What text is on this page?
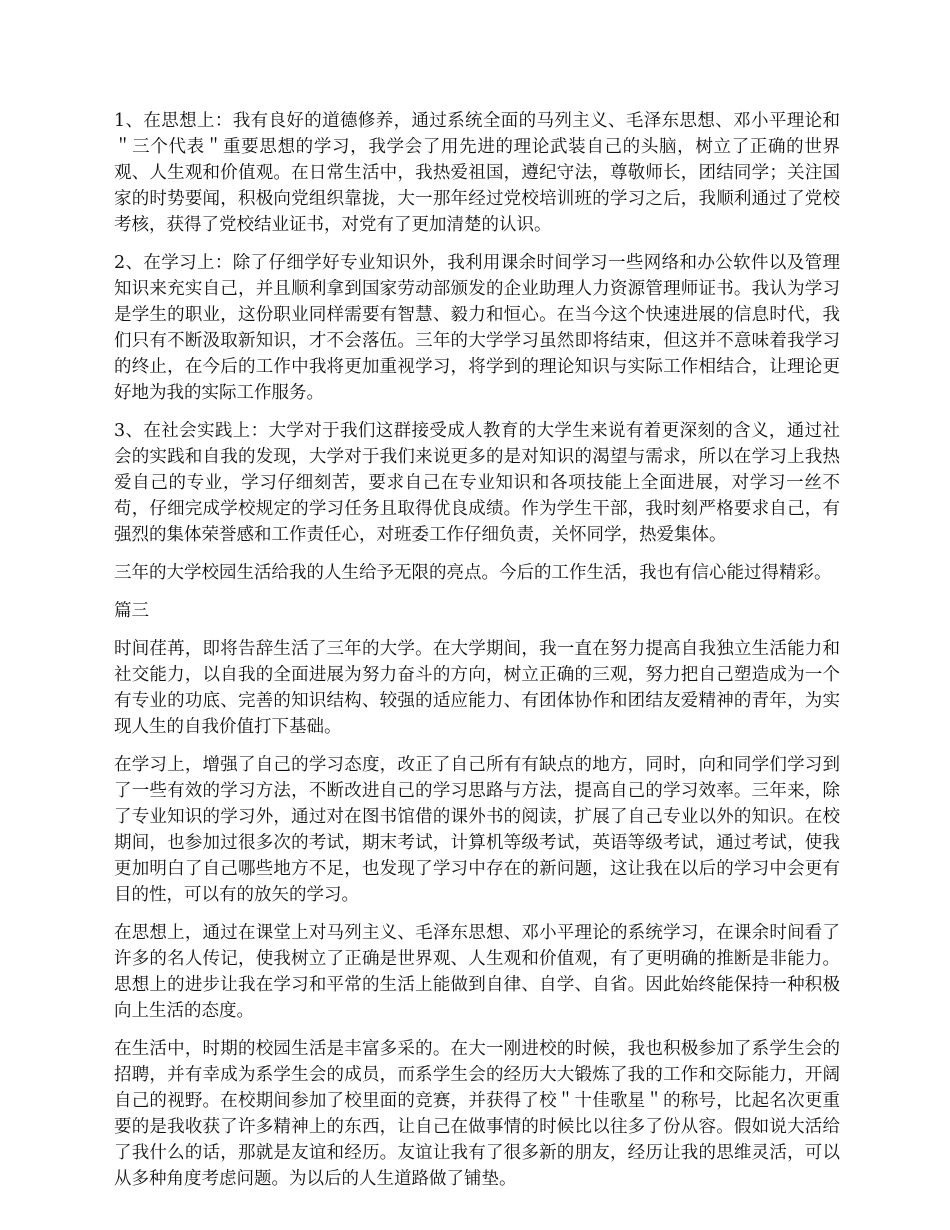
1、在思想上：我有良好的道德修养，通过系统全面的马列主义、毛泽东思想、邓小平理论和＂三个代表＂重要思想的学习，我学会了用先进的理论武装自己的头脑，树立了正确的世界观、人生观和价值观。在日常生活中，我热爱祖国，遵纪守法，尊敬师长，团结同学；关注国家的时势要闻，积极向党组织靠拢，大一那年经过党校培训班的学习之后，我顺利通过了党校考核，获得了党校结业证书，对党有了更加清楚的认识。

2、在学习上：除了仔细学好专业知识外，我利用课余时间学习一些网络和办公软件以及管理知识来充实自己，并且顺利拿到国家劳动部颁发的企业助理人力资源管理师证书。我认为学习是学生的职业，这份职业同样需要有智慧、毅力和恒心。在当今这个快速进展的信息时代，我们只有不断汲取新知识，才不会落伍。三年的大学学习虽然即将结束，但这并不意味着我学习的终止，在今后的工作中我将更加重视学习，将学到的理论知识与实际工作相结合，让理论更好地为我的实际工作服务。

3、在社会实践上：大学对于我们这群接受成人教育的大学生来说有着更深刻的含义，通过社会的实践和自我的发现，大学对于我们来说更多的是对知识的渴望与需求，所以在学习上我热爱自己的专业，学习仔细刻苦，要求自己在专业知识和各项技能上全面进展，对学习一丝不苟，仔细完成学校规定的学习任务且取得优良成绩。作为学生干部，我时刻严格要求自己，有强烈的集体荣誉感和工作责任心，对班委工作仔细负责，关怀同学，热爱集体。

三年的大学校园生活给我的人生给予无限的亮点。今后的工作生活，我也有信心能过得精彩。

篇三

时间荏苒，即将告辞生活了三年的大学。在大学期间，我一直在努力提高自我独立生活能力和社交能力，以自我的全面进展为努力奋斗的方向，树立正确的三观，努力把自己塑造成为一个有专业的功底、完善的知识结构、较强的适应能力、有团体协作和团结友爱精神的青年，为实现人生的自我价值打下基础。

在学习上，增强了自己的学习态度，改正了自己所有有缺点的地方，同时，向和同学们学习到了一些有效的学习方法，不断改进自己的学习思路与方法，提高自己的学习效率。三年来，除了专业知识的学习外，通过对在图书馆借的课外书的阅读，扩展了自己专业以外的知识。在校期间，也参加过很多次的考试，期末考试，计算机等级考试，英语等级考试，通过考试，使我更加明白了自己哪些地方不足，也发现了学习中存在的新问题，这让我在以后的学习中会更有目的性，可以有的放矢的学习。

在思想上，通过在课堂上对马列主义、毛泽东思想、邓小平理论的系统学习，在课余时间看了许多的名人传记，使我树立了正确是世界观、人生观和价值观，有了更明确的推断是非能力。思想上的进步让我在学习和平常的生活上能做到自律、自学、自省。因此始终能保持一种积极向上生活的态度。

在生活中，时期的校园生活是丰富多采的。在大一刚进校的时候，我也积极参加了系学生会的招聘，并有幸成为系学生会的成员，而系学生会的经历大大锻炼了我的工作和交际能力，开阔自己的视野。在校期间参加了校里面的竞赛，并获得了校＂十佳歌星＂的称号，比起名次更重要的是我收获了许多精神上的东西，让自己在做事情的时候比以往多了份从容。假如说大活给了我什么的话，那就是友谊和经历。友谊让我有了很多新的朋友，经历让我的思维灵活，可以从多种角度考虑问题。为以后的人生道路做了铺垫。
